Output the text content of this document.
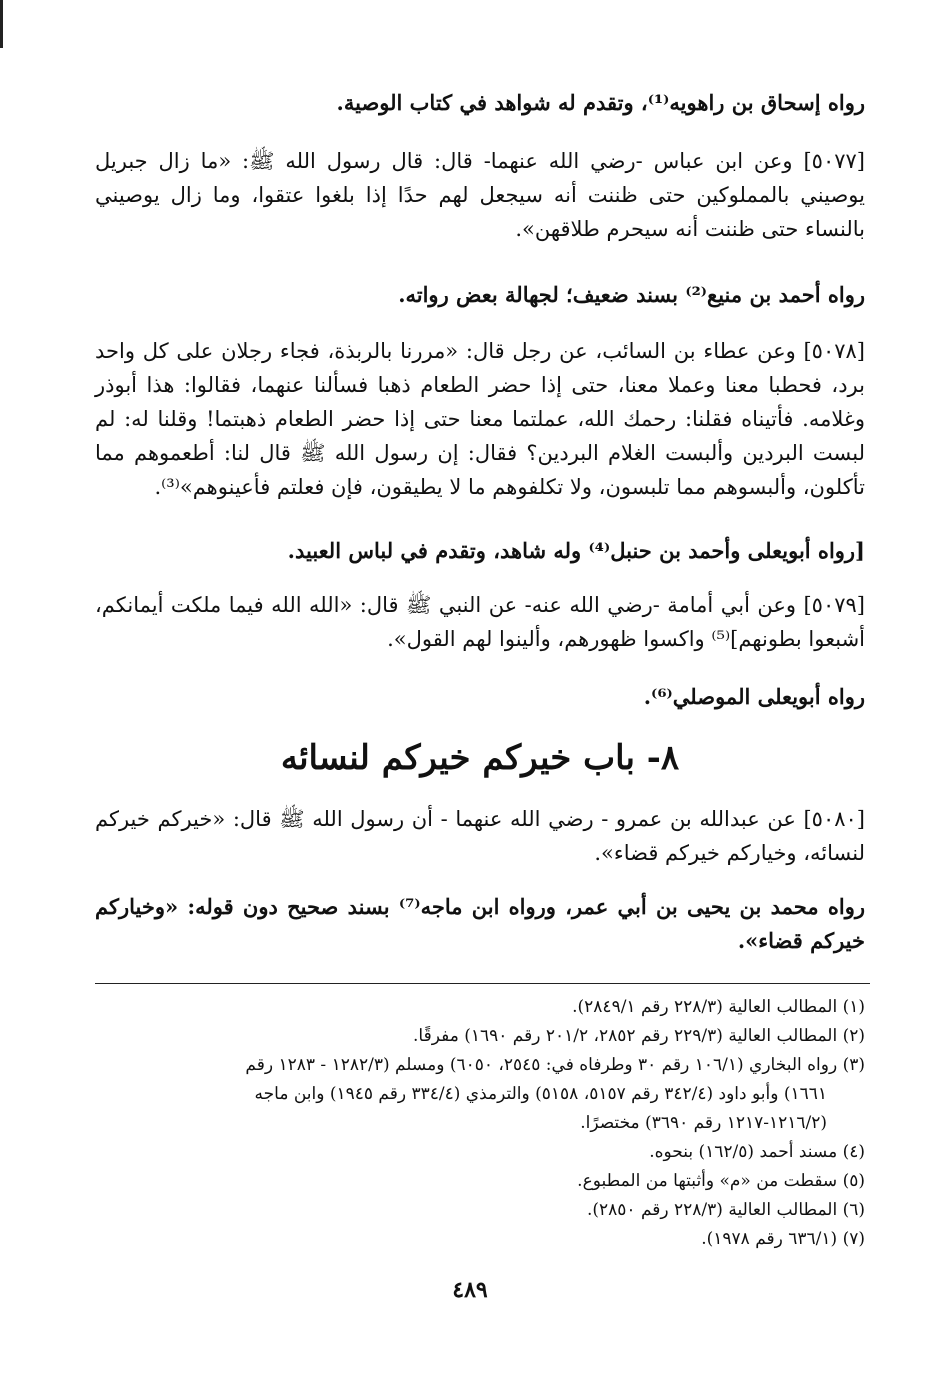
رواه إسحاق بن راهويه⁽¹⁾، وتقدم له شواهد في كتاب الوصية.
[٥٠٧٧] وعن ابن عباس -رضي الله عنهما- قال: قال رسول الله ﷺ: «ما زال جبريل يوصيني بالمملوكين حتى ظننت أنه سيجعل لهم حدًا إذا بلغوا عتقوا، وما زال يوصيني بالنساء حتى ظننت أنه سيحرم طلاقهن».
رواه أحمد بن منيع⁽²⁾ بسند ضعيف؛ لجهالة بعض رواته.
[٥٠٧٨] وعن عطاء بن السائب، عن رجل قال: «مررنا بالربذة، فجاء رجلان على كل واحد برد، فحطبا معنا وعملا معنا، حتى إذا حضر الطعام ذهبا فسألنا عنهما، فقالوا: هذا أبوذر وغلامه. فأتيناه فقلنا: رحمك الله، عملتما معنا حتى إذا حضر الطعام ذهبتما! وقلنا له: لم لبست البردين وألبست الغلام البردين؟ فقال: إن رسول الله ﷺ قال لنا: أطعموهم مما تأكلون، وألبسوهم مما تلبسون، ولا تكلفوهم ما لا يطيقون، فإن فعلتم فأعينوهم»⁽³⁾.
[رواه أبويعلى وأحمد بن حنبل⁽⁴⁾ وله شاهد، وتقدم في لباس العبيد.
[٥٠٧٩] وعن أبي أمامة -رضي الله عنه- عن النبي ﷺ قال: «الله الله فيما ملكت أيمانكم، أشبعوا بطونهم]⁽⁵⁾ واكسوا ظهورهم، وألينوا لهم القول».
رواه أبويعلى الموصلي⁽⁶⁾.
٨- باب خيركم خيركم لنسائه
[٥٠٨٠] عن عبدالله بن عمرو - رضي الله عنهما - أن رسول الله ﷺ قال: «خيركم خيركم لنسائه، وخياركم خيركم قضاء».
رواه محمد بن يحيى بن أبي عمر، ورواه ابن ماجه⁽⁷⁾ بسند صحيح دون قوله: «وخياركم خيركم قضاء».
(١) المطالب العالية (٢٢٨/٣ رقم ٢٨٤٩/١).
(٢) المطالب العالية (٢٢٩/٣ رقم ٢٨٥٢، ٢٠١/٢ رقم ١٦٩٠) مفرقًا.
(٣) رواه البخاري (١٠٦/١ رقم ٣٠ وطرفاه في: ٢٥٤٥، ٦٠٥٠) ومسلم (١٢٨٢/٣ - ١٢٨٣ رقم
١٦٦١) وأبو داود (٣٤٢/٤ رقم ٥١٥٧، ٥١٥٨) والترمذي (٣٣٤/٤ رقم ١٩٤٥) وابن ماجه
(١٢١٦/٢-١٢١٧ رقم ٣٦٩٠) مختصرًا.
(٤) مسند أحمد (١٦٢/٥) بنحوه.
(٥) سقطت من «م» وأثبتها من المطبوع.
(٦) المطالب العالية (٢٢٨/٣ رقم ٢٨٥٠).
(٧) (٦٣٦/١ رقم ١٩٧٨).
٤٨٩
